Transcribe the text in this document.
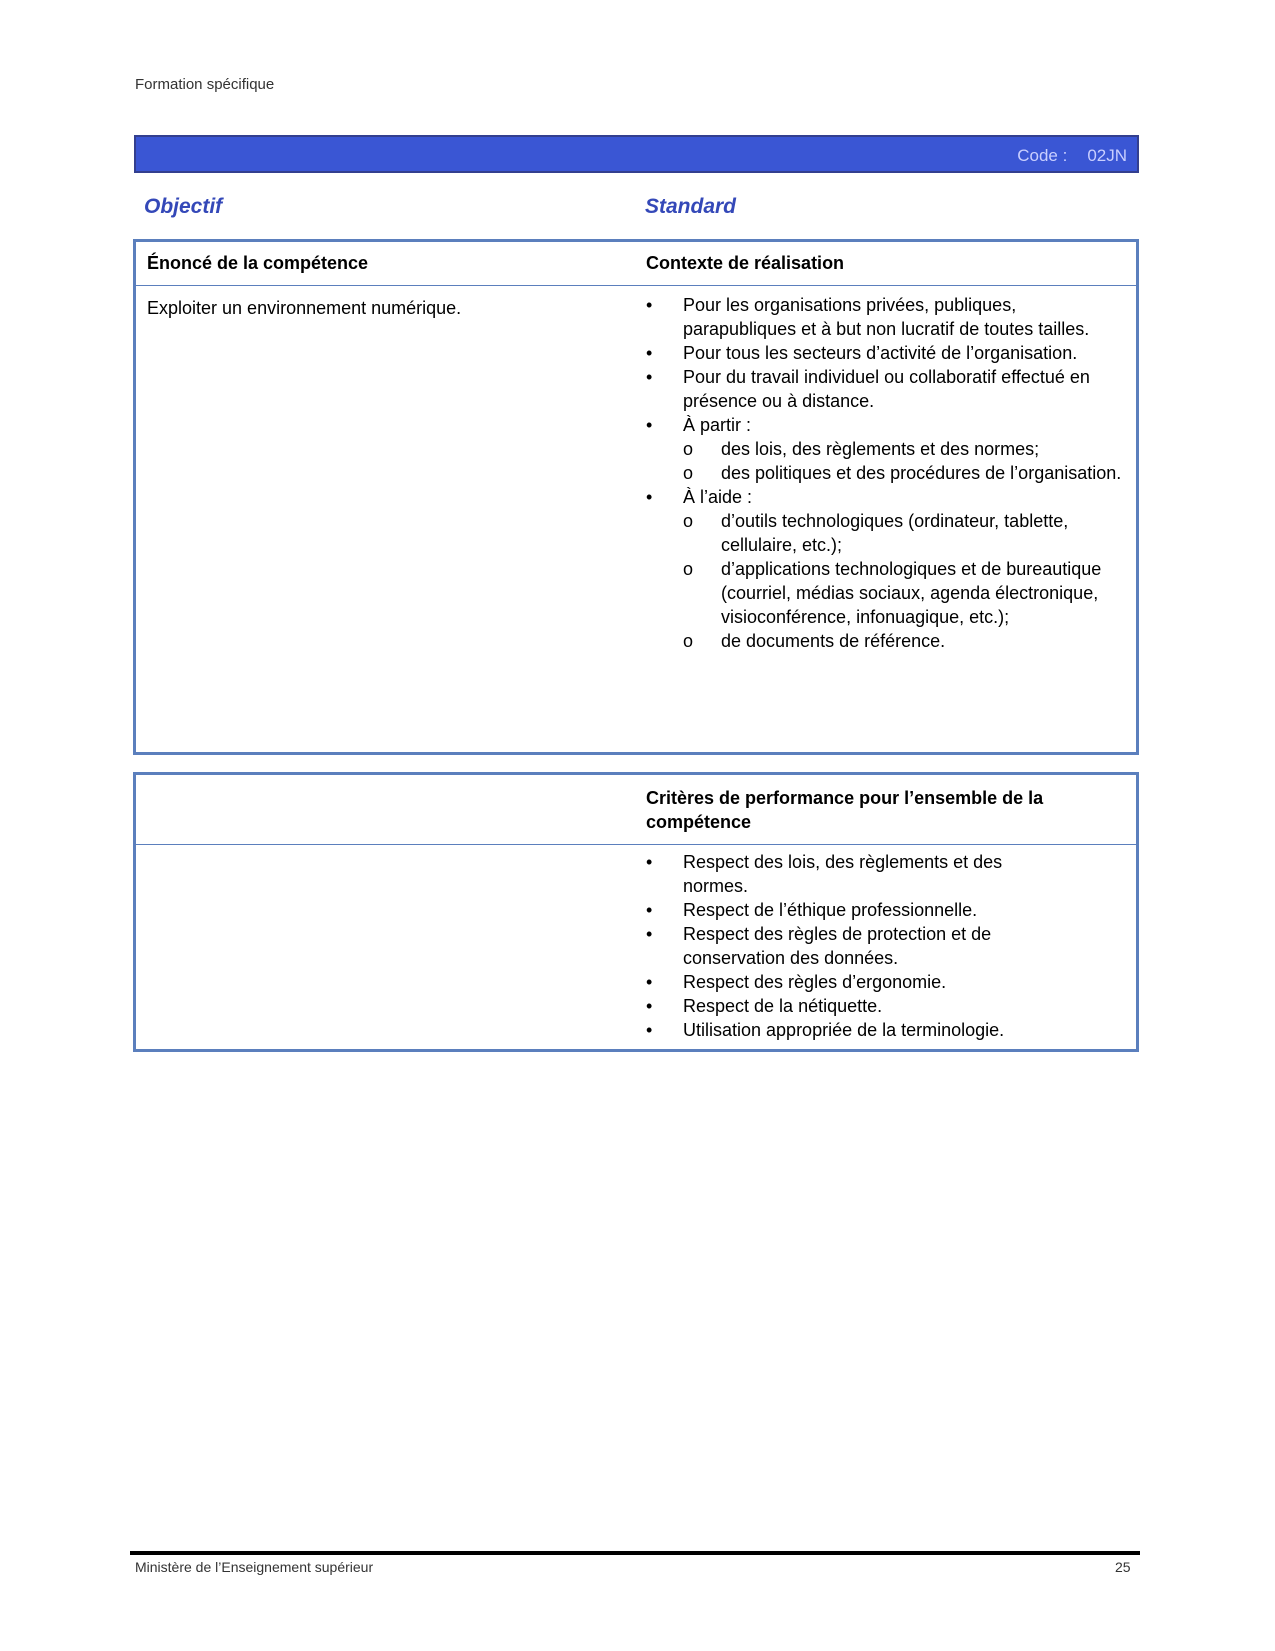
Formation spécifique
Code : 02JN
Objectif	Standard
Énoncé de la compétence	Contexte de réalisation
Exploiter un environnement numérique.	•	Pour les organisations privées, publiques, parapubliques et à but non lucratif de toutes tailles.
•	Pour tous les secteurs d’activité de l’organisation.
•	Pour du travail individuel ou collaboratif effectué en présence ou à distance.
•	À partir :
o des lois, des règlements et des normes;
o des politiques et des procédures de l’organisation.
•	À l’aide :
o d’outils technologiques (ordinateur, tablette, cellulaire, etc.);
o d’applications technologiques et de bureautique (courriel, médias sociaux, agenda électronique, visioconférence, infonuagique, etc.);
o de documents de référence.
Critères de performance pour l’ensemble de la compétence
•	Respect des lois, des règlements et des normes.
•	Respect de l’éthique professionnelle.
•	Respect des règles de protection et de conservation des données.
•	Respect des règles d’ergonomie.
•	Respect de la nétiquette.
•	Utilisation appropriée de la terminologie.
Ministère de l’Enseignement supérieur	25
